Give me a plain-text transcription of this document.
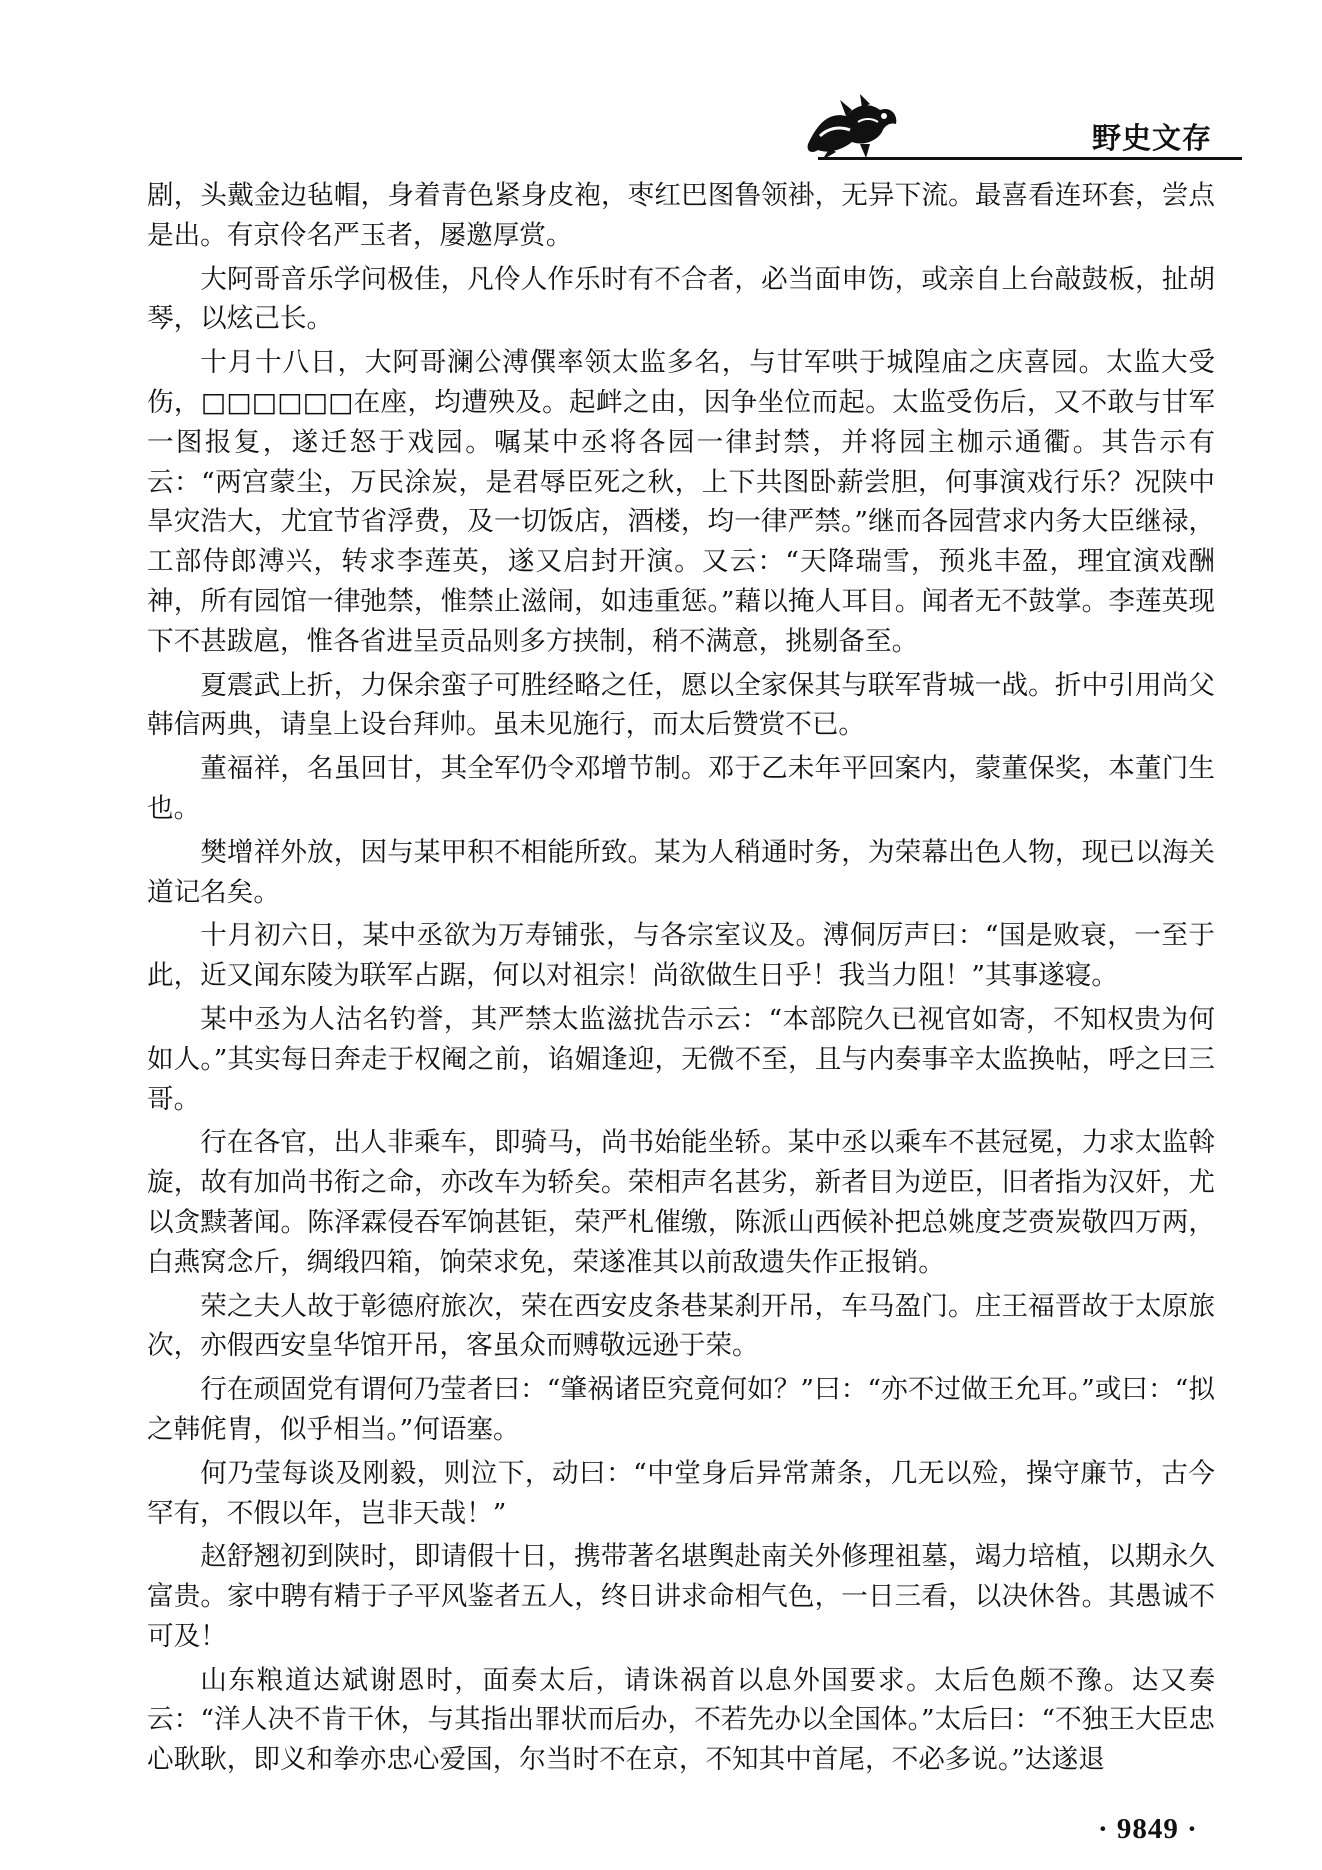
野史文存

剧，头戴金边毡帽，身着青色紧身皮袍，枣红巴图鲁领褂，无异下流。最喜看连环套，尝点是出。有京伶名严玉者，屡邀厚赏。

大阿哥音乐学问极佳，凡伶人作乐时有不合者，必当面申饬，或亲自上台敲鼓板，扯胡琴，以炫己长。

十月十八日，大阿哥澜公溥僎率领太监多名，与甘军哄于城隍庙之庆喜园。太监大受伤，□□□□□□在座，均遭殃及。起衅之由，因争坐位而起。太监受伤后，又不敢与甘军一图报复，遂迁怒于戏园。嘱某中丞将各园一律封禁，并将园主枷示通衢。其告示有云：“两宫蒙尘，万民涂炭，是君辱臣死之秋，上下共图卧薪尝胆，何事演戏行乐？况陕中旱灾浩大，尤宜节省浮费，及一切饭店，酒楼，均一律严禁。”继而各园营求内务大臣继禄，工部侍郎溥兴，转求李莲英，遂又启封开演。又云：“天降瑞雪，预兆丰盈，理宜演戏酬神，所有园馆一律弛禁，惟禁止滋闹，如违重惩。”藉以掩人耳目。闻者无不鼓掌。李莲英现下不甚跋扈，惟各省进呈贡品则多方挟制，稍不满意，挑剔备至。

夏震武上折，力保余蛮子可胜经略之任，愿以全家保其与联军背城一战。折中引用尚父韩信两典，请皇上设台拜帅。虽未见施行，而太后赞赏不已。

董福祥，名虽回甘，其全军仍令邓增节制。邓于乙未年平回案内，蒙董保奖，本董门生也。

樊增祥外放，因与某甲积不相能所致。某为人稍通时务，为荣幕出色人物，现已以海关道记名矣。

十月初六日，某中丞欲为万寿铺张，与各宗室议及。溥侗厉声曰：“国是败衰，一至于此，近又闻东陵为联军占踞，何以对祖宗！尚欲做生日乎！我当力阻！”其事遂寝。

某中丞为人沽名钓誉，其严禁太监滋扰告示云：“本部院久已视官如寄，不知权贵为何如人。”其实每日奔走于权阉之前，谄媚逢迎，无微不至，且与内奏事辛太监换帖，呼之曰三哥。

行在各官，出人非乘车，即骑马，尚书始能坐轿。某中丞以乘车不甚冠冕，力求太监斡旋，故有加尚书衔之命，亦改车为轿矣。荣相声名甚劣，新者目为逆臣，旧者指为汉奸，尤以贪黩著闻。陈泽霖侵吞军饷甚钜，荣严札催缴，陈派山西候补把总姚度芝赍炭敬四万两，白燕窝念斤，绸缎四箱，饷荣求免，荣遂准其以前敌遗失作正报销。

荣之夫人故于彰德府旅次，荣在西安皮条巷某刹开吊，车马盈门。庄王福晋故于太原旅次，亦假西安皇华馆开吊，客虽众而赙敬远逊于荣。

行在顽固党有谓何乃莹者曰：“肇祸诸臣究竟何如？”曰：“亦不过做王允耳。”或曰：“拟之韩侂胄，似乎相当。”何语塞。

何乃莹每谈及刚毅，则泣下，动曰：“中堂身后异常萧条，几无以殓，操守廉节，古今罕有，不假以年，岂非天哉！”

赵舒翘初到陕时，即请假十日，携带著名堪舆赴南关外修理祖墓，竭力培植，以期永久富贵。家中聘有精于子平风鉴者五人，终日讲求命相气色，一日三看，以决休咎。其愚诚不可及！

山东粮道达斌谢恩时，面奏太后，请诛祸首以息外国要求。太后色颇不豫。达又奏云：“洋人决不肯干休，与其指出罪状而后办，不若先办以全国体。”太后曰：“不独王大臣忠心耿耿，即义和拳亦忠心爱国，尔当时不在京，不知其中首尾，不必多说。”达遂退

· 9849 ·
